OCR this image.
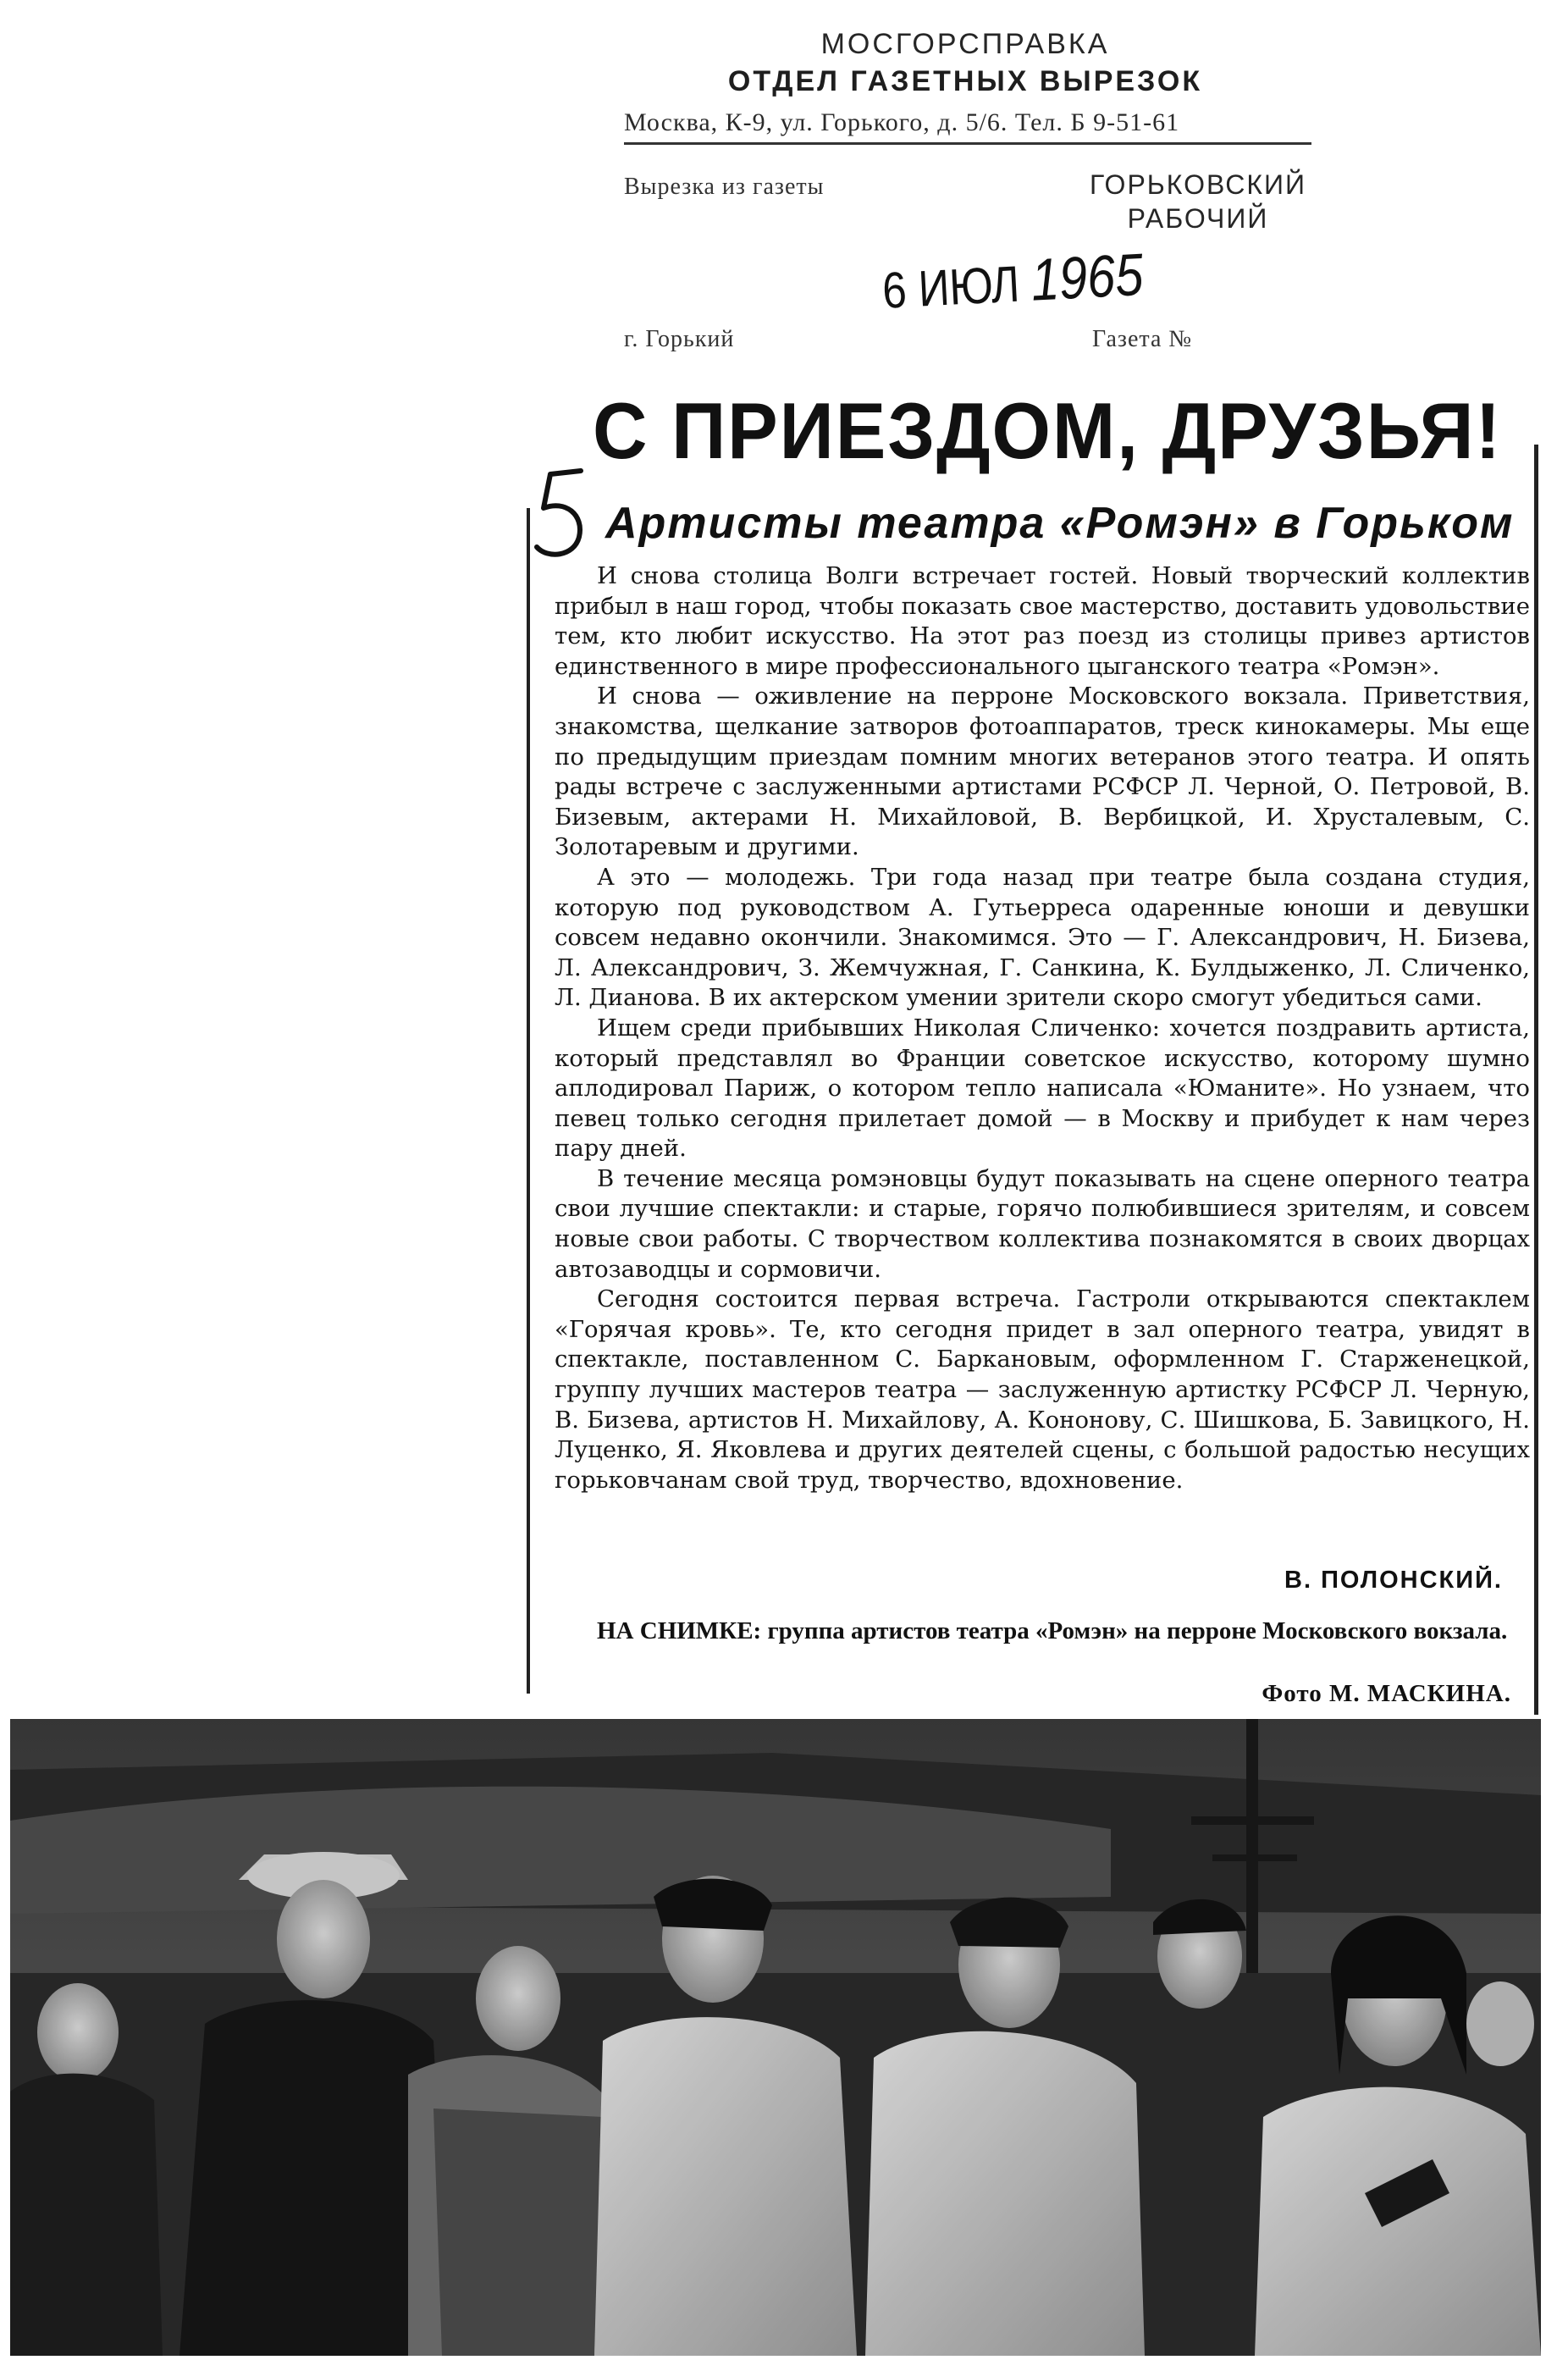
МОСГОРСПРАВКА
ОТДЕЛ ГАЗЕТНЫХ ВЫРЕЗОК
Москва, К-9, ул. Горького, д. 5/6. Тел. Б 9-51-61
Вырезка из газеты	ГОРЬКОВСКИЙ
РАБОЧИЙ
6 ИЮЛ 1965
г. Горький	Газета №
С ПРИЕЗДОМ, ДРУЗЬЯ!
Артисты театра «Ромэн» в Горьком

И снова столица Волги встречает гостей. Новый творческий коллектив прибыл в наш город, чтобы показать свое мастерство, доставить удовольствие тем, кто любит искусство. На этот раз поезд из столицы привез артистов единственного в мире профессионального цыганского театра «Ромэн».

И снова — оживление на перроне Московского вокзала. Приветствия, знакомства, щелкание затворов фотоаппаратов, треск кинокамеры. Мы еще по предыдущим приездам помним многих ветеранов этого театра. И опять рады встрече с заслуженными артистами РСФСР Л. Черной, О. Петровой, В. Бизевым, актерами Н. Михайловой, В. Вербицкой, И. Хрусталевым, С. Золотаревым и другими.

А это — молодежь. Три года назад при театре была создана студия, которую под руководством А. Гутьерреса одаренные юноши и девушки совсем недавно окончили. Знакомимся. Это — Г. Александрович, Н. Бизева, Л. Александрович, З. Жемчужная, Г. Санкина, К. Булдыженко, Л. Сличенко, Л. Дианова. В их актерском умении зрители скоро смогут убедиться сами.

Ищем среди прибывших Николая Сличенко: хочется поздравить артиста, который представлял во Франции советское искусство, которому шумно аплодировал Париж, о котором тепло написала «Юманите». Но узнаем, что певец только сегодня прилетает домой — в Москву и прибудет к нам через пару дней.

В течение месяца ромэновцы будут показывать на сцене оперного театра свои лучшие спектакли: и старые, горячо полюбившиеся зрителям, и совсем новые свои работы. С творчеством коллектива познакомятся в своих дворцах автозаводцы и сормовичи.

Сегодня состоится первая встреча. Гастроли открываются спектаклем «Горячая кровь». Те, кто сегодня придет в зал оперного театра, увидят в спектакле, поставленном С. Баркановым, оформленном Г. Старженецкой, группу лучших мастеров театра — заслуженную артистку РСФСР Л. Черную, В. Бизева, артистов Н. Михайлову, А. Кононову, С. Шишкова, Б. Завицкого, Н. Луценко, Я. Яковлева и других деятелей сцены, с большой радостью несущих горьковчанам свой труд, творчество, вдохновение.

В. ПОЛОНСКИЙ.
НА СНИМКЕ: группа артистов театра «Ромэн» на перроне Московского вокзала.
Фото М. МАСКИНА.
